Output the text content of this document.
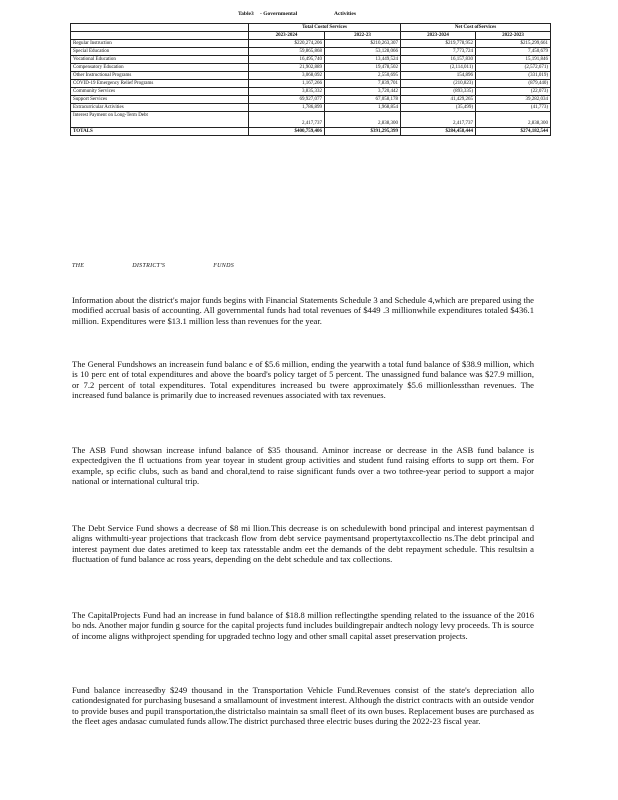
Table3 - Governmental	Activities
	Total Costof Services		Net Cost ofServices	
	2023-2024	2022-23	2023-2024	2022-2023
Regular Instruction	$220,274,206	$210,263,307	$219,778,952	$215,299,661
Special Education	59,865,868	53,128,066	7,773,724	7,450,679
Vocational Education	16,495,740	13,449,524	16,157,830	15,191,846
Compensatory Education	21,902,889	19,478,502	(2,114,011)	(2,572,671)
Other Instructional Programs	3,068,092	2,550,695	154,896	(331,019)
COVID-19 Emergency Relief Programs	1,167,266	7,839,701	(210,823)	(879,440)
Community Services	3,835,332	3,720,442	(893,335)	(22,073)
Support Services	69,927,077	67,058,178	41,429,265	39,282,034
Extracurricular Activities	1,786,899	1,968,854	(35,499)	(41,773)
Interest Payment on Long-Term Debt	2,417,737	2,838,300	2,417,737	2,838,300
TOTALS	$400,759,406	$391,295,399	$284,458,444	$274,182,544
THE	DISTRICT'S	FUNDS

Information about the district's major funds begins with Financial Statements Schedule 3 and Schedule 4,which are prepared using the modified accrual basis of accounting. All governmental funds had total revenues of $449 .3 millionwhile expenditures totaled $436.1 million. Expenditures were $13.1 million less than revenues for the year.

The General Fundshows an increasein fund balanc e of $5.6 million, ending the yearwith a total fund balance of $38.9 million, which is 10 perc ent of total expenditures and above the board's policy target of 5 percent. The unassigned fund balance was $27.9 million, or 7.2 percent of total expenditures. Total expenditures increased bu twere approximately $5.6 millionlessthan revenues. The increased fund balance is primarily due to increased revenues associated with tax revenues.

The ASB Fund showsan increase infund balance of $35 thousand. Aminor increase or decrease in the ASB fund balance is expectedgiven the fl uctuations from year toyear in student group activities and student fund raising efforts to supp ort them. For example, sp ecific clubs, such as band and choral,tend to raise significant funds over a two tothree-year period to support a major national or international cultural trip.

The Debt Service Fund shows a decrease of $8 mi llion.This decrease is on schedulewith bond principal and interest paymentsan d aligns withmulti-year projections that trackcash flow from debt service paymentsand propertytaxcollectio ns.The debt principal and interest payment due dates aretimed to keep tax ratesstable andm eet the demands of the debt repayment schedule. This resultsin a fluctuation of fund balance ac ross years, depending on the debt schedule and tax collections.

The CapitalProjects Fund had an increase in fund balance of $18.8 million reflectingthe spending related to the issuance of the 2016 bo nds. Another major fundin g source for the capital projects fund includes buildingrepair andtech nology levy proceeds. Th is source of income aligns withproject spending for upgraded techno logy and other small capital asset preservation projects.

Fund balance increasedby $249 thousand in the Transportation Vehicle Fund.Revenues consist of the state's depreciation allo cationdesignated for purchasing busesand a smallamount of investment interest. Although the district contracts with an outside vendor to provide buses and pupil transportation,the districtalso maintain sa small fleet of its own buses. Replacement buses are purchased as the fleet ages andasac cumulated funds allow.The district purchased three electric buses during the 2022-23 fiscal year.
